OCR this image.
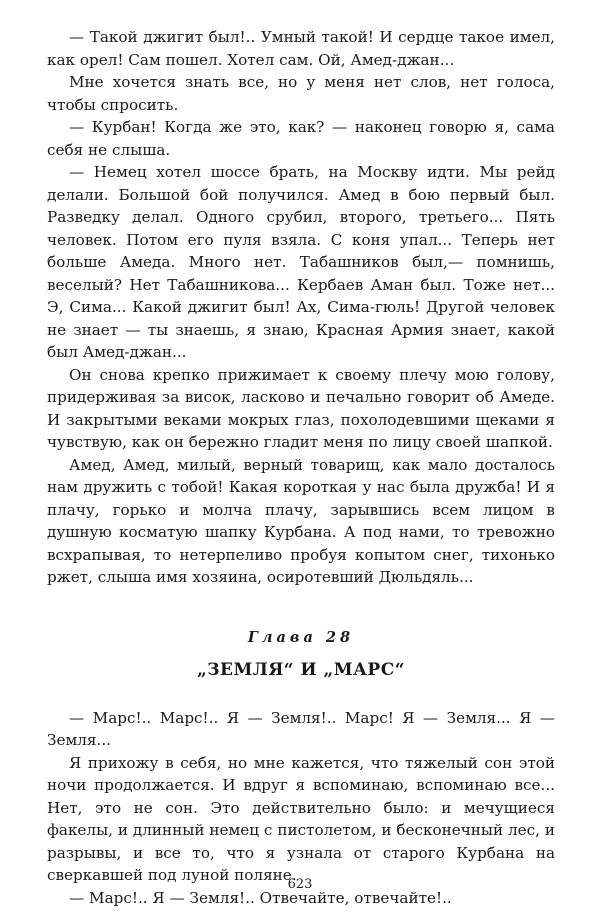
— Такой джигит был!.. Умный такой! И сердце такое имел, как орел! Сам пошел. Хотел сам. Ой, Амед-джан...

Мне хочется знать все, но у меня нет слов, нет голоса, чтобы спросить.

— Курбан! Когда же это, как? — наконец говорю я, сама себя не слыша.

— Немец хотел шоссе брать, на Москву идти. Мы рейд делали. Большой бой получился. Амед в бою первый был. Разведку делал. Одного срубил, второго, третьего... Пять человек. Потом его пуля взяла. С коня упал... Теперь нет больше Амеда. Много нет. Табашников был,— помнишь, веселый? Нет Табашникова... Кербаев Аман был. Тоже нет... Э, Сима... Какой джигит был! Ах, Сима-гюль! Другой человек не знает — ты знаешь, я знаю, Красная Армия знает, какой был Амед-джан...

Он снова крепко прижимает к своему плечу мою голову, придерживая за висок, ласково и печально говорит об Амеде. И закрытыми веками мокрых глаз, похолодевшими щеками я чувствую, как он бережно гладит меня по лицу своей шапкой.

Амед, Амед, милый, верный товарищ, как мало досталось нам дружить с тобой! Какая короткая у нас была дружба! И я плачу, горько и молча плачу, зарывшись всем лицом в душную косматую шапку Курбана. А под нами, то тревожно всхрапывая, то нетерпеливо пробуя копытом снег, тихонько ржет, слыша имя хозяина, осиротевший Дюльдяль...

Глава 28

„ЗЕМЛЯ“ И „МАРС“

— Марс!.. Марс!.. Я — Земля!.. Марс! Я — Земля... Я — Земля...

Я прихожу в себя, но мне кажется, что тяжелый сон этой ночи продолжается. И вдруг я вспоминаю, вспоминаю все... Нет, это не сон. Это действительно было: и мечущиеся факелы, и длинный немец с пистолетом, и бесконечный лес, и разрывы, и все то, что я узнала от старого Курбана на сверкавшей под луной поляне.

— Марс!.. Я — Земля!.. Отвечайте, отвечайте!..

623
